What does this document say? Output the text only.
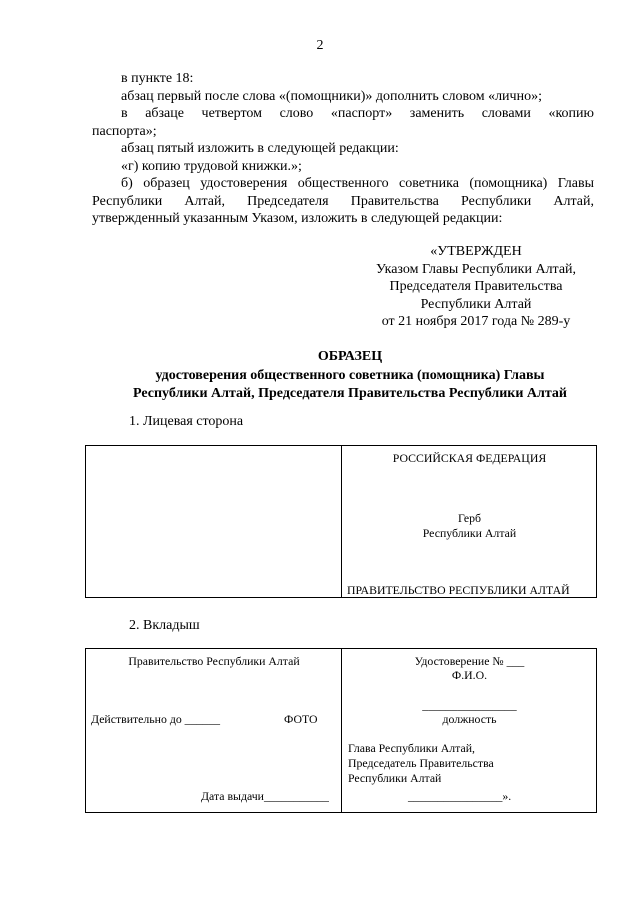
2

в пункте 18:

абзац первый после слова «(помощники)» дополнить словом «лично»;

в абзаце четвертом слово «паспорт» заменить словами «копию

паспорта»;

абзац пятый изложить в следующей редакции:

«г) копию трудовой книжки.»;

б) образец удостоверения общественного советника (помощника) Главы

Республики Алтай, Председателя Правительства Республики Алтай,

утвержденный указанным Указом, изложить в следующей редакции:

«УТВЕРЖДЕН
Указом Главы Республики Алтай,
Председателя Правительства
Республики Алтай
от 21 ноября 2017 года № 289-у
ОБРАЗЕЦ
удостоверения общественного советника (помощника) Главы
Республики Алтай, Председателя Правительства Республики Алтай
1. Лицевая сторона

РОССИЙСКАЯ ФЕДЕРАЦИЯ
Герб
Республики Алтай
ПРАВИТЕЛЬСТВО РЕСПУБЛИКИ АЛТАЙ
2. Вкладыш
Правительство Республики Алтай
Действительно до ______	ФОТО
Дата выдачи___________

Удостоверение № ___
Ф.И.О.
________________
должность
Глава Республики Алтай,
Председатель Правительства
Республики Алтай
________________».
